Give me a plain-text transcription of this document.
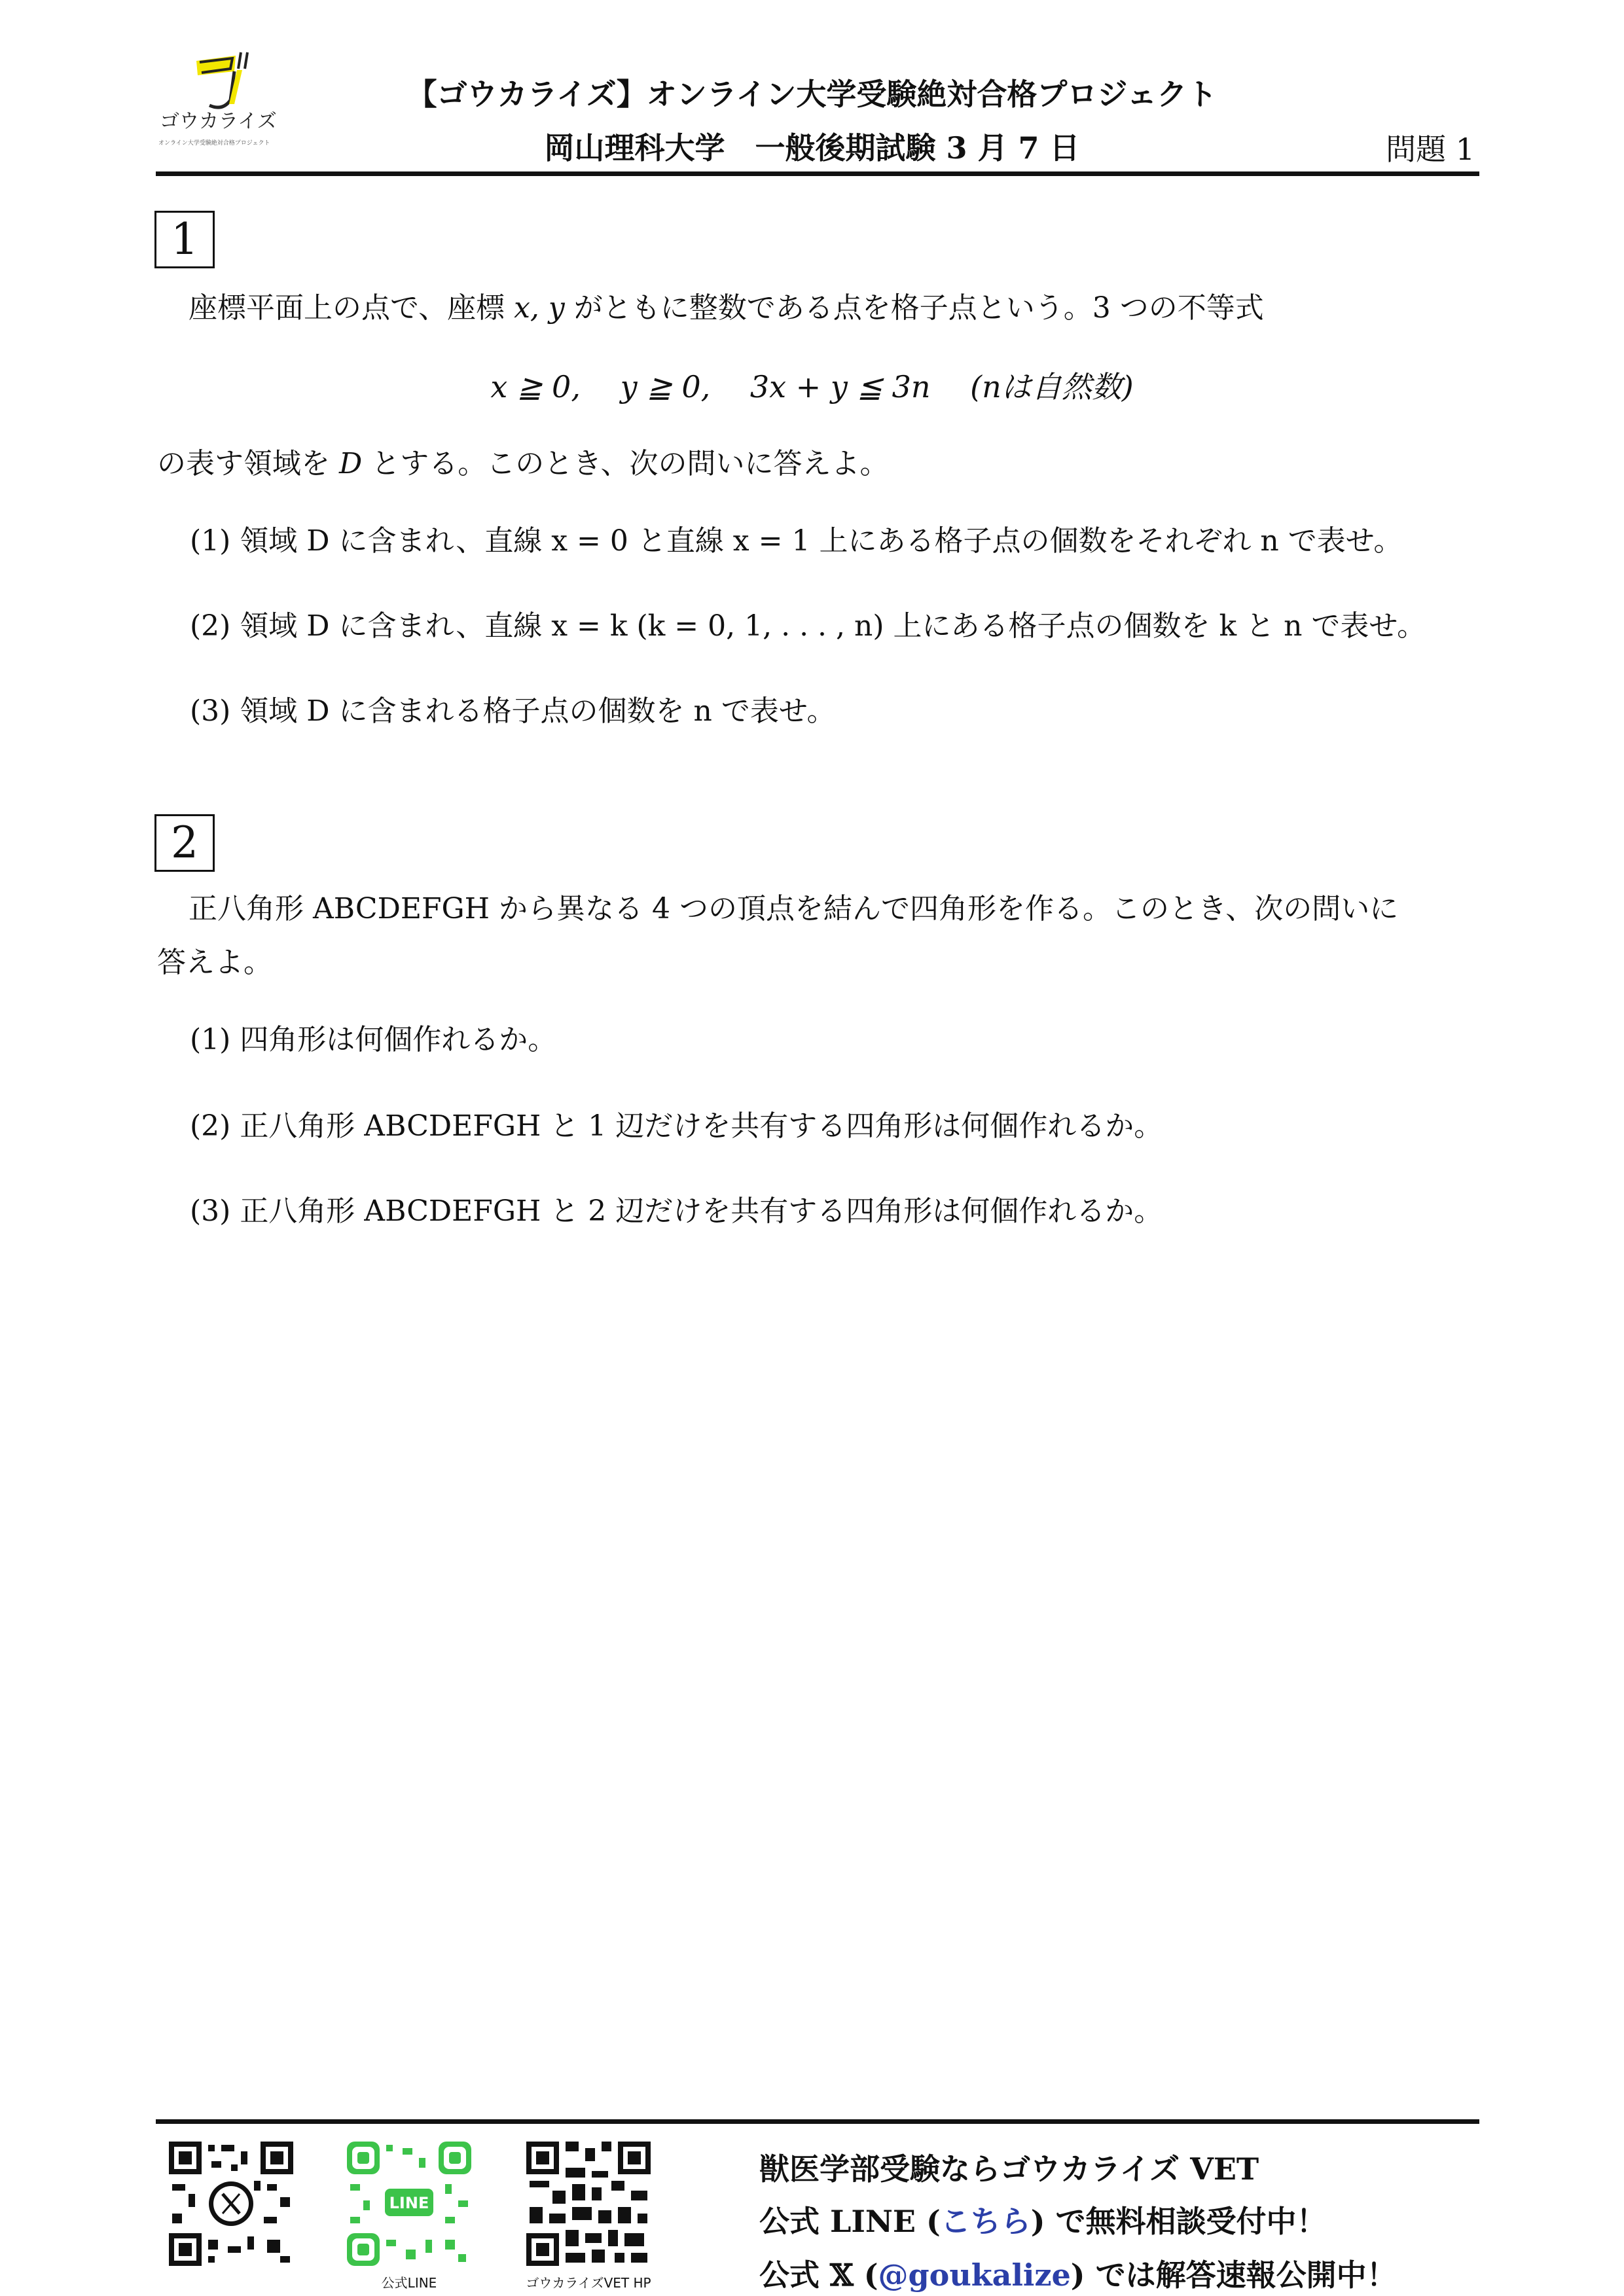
ゴウカライズ
オンライン大学受験絶対合格プロジェクト
【ゴウカライズ】オンライン大学受験絶対合格プロジェクト
岡山理科大学　一般後期試験 3 月 7 日	問題 1
1
座標平面上の点で、座標 x, y がともに整数である点を格子点という。3 つの不等式
x ≧ 0,　 y ≧ 0,　 3x + y ≦ 3n　 (nは自然数)
の表す領域を D とする。このとき、次の問いに答えよ。
(1) 領域 D に含まれ、直線 x = 0 と直線 x = 1 上にある格子点の個数をそれぞれ n で表せ。
(2) 領域 D に含まれ、直線 x = k (k = 0, 1, . . . , n) 上にある格子点の個数を k と n で表せ。
(3) 領域 D に含まれる格子点の個数を n で表せ。
2
正八角形 ABCDEFGH から異なる 4 つの頂点を結んで四角形を作る。このとき、次の問いに
答えよ。
(1) 四角形は何個作れるか。
(2) 正八角形 ABCDEFGH と 1 辺だけを共有する四角形は何個作れるか。
(3) 正八角形 ABCDEFGH と 2 辺だけを共有する四角形は何個作れるか。
LINE
公式LINE	ゴウカライズVET HP
獣医学部受験ならゴウカライズ VET
公式 LINE (こちら) で無料相談受付中！
公式 𝕏 (@goukalize) では解答速報公開中！
